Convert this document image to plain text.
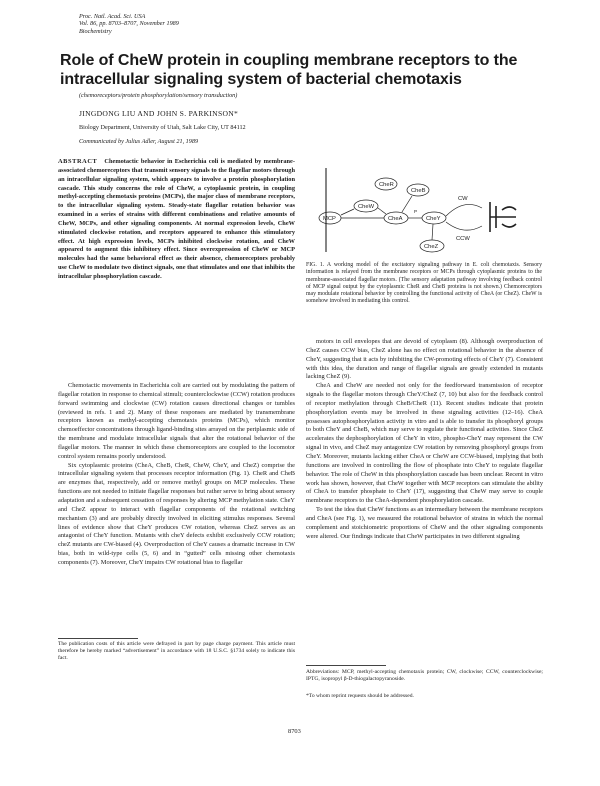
Proc. Natl. Acad. Sci. USA
Vol. 86, pp. 8703–8707, November 1989
Biochemistry
Role of CheW protein in coupling membrane receptors to the intracellular signaling system of bacterial chemotaxis
(chemoreceptors/protein phosphorylation/sensory transduction)
JINGDONG LIU AND JOHN S. PARKINSON*
Biology Department, University of Utah, Salt Lake City, UT 84112
Communicated by Julius Adler, August 21, 1989
ABSTRACT Chemotactic behavior in Escherichia coli is mediated by membrane-associated chemoreceptors that transmit sensory signals to the flagellar motors through an intracellular signaling system, which appears to involve a protein phosphorylation cascade. This study concerns the role of CheW, a cytoplasmic protein, in coupling methyl-accepting chemotaxis proteins (MCPs), the major class of membrane receptors, to the intracellular signaling system. Steady-state flagellar rotation behavior was examined in a series of strains with different combinations and relative amounts of CheW, MCPs, and other signaling components. At normal expression levels, CheW stimulated clockwise rotation, and receptors appeared to enhance this stimulatory effect. At high expression levels, MCPs inhibited clockwise rotation, and CheW appeared to augment this inhibitory effect. Since overexpression of CheW or MCP molecules had the same behavioral effect as their absence, chemoreceptors probably use CheW to modulate two distinct signals, one that stimulates and one that inhibits the intracellular phosphorylation cascade.

Chemotactic movements in Escherichia coli are carried out by modulating the pattern of flagellar rotation in response to chemical stimuli; counterclockwise (CCW) rotation produces forward swimming and clockwise (CW) rotation causes directional changes or tumbles (reviewed in refs. 1 and 2). Many of these responses are mediated by transmembrane receptors known as methyl-accepting chemotaxis proteins (MCPs), which monitor chemoeffector concentrations through ligand-binding sites arrayed on the periplasmic side of the membrane and modulate intracellular signals that alter the rotational behavior of the flagellar motors. The manner in which these chemoreceptors are coupled to the locomotor control system remains poorly understood.

Six cytoplasmic proteins (CheA, CheB, CheR, CheW, CheY, and CheZ) comprise the intracellular signaling system that processes receptor information (Fig. 1). CheR and CheB are enzymes that, respectively, add or remove methyl groups on MCP molecules. These functions are not needed to initiate flagellar responses but rather serve to bring about sensory adaptation and a subsequent cessation of responses by altering MCP methylation state. CheY and CheZ appear to interact with flagellar components of the rotational switching mechanism (3) and are probably directly involved in eliciting stimulus responses. Several lines of evidence show that CheY produces CW rotation, whereas CheZ serves as an antagonist of CheY function. Mutants with cheY defects exhibit exclusively CCW rotation; cheZ mutants are CW-biased (4). Overproduction of CheY causes a dramatic increase in CW bias, both in wild-type cells (5, 6) and in “gutted” cells missing other chemotaxis components (7). Moreover, CheY impairs CW rotational bias to flagellar

The publication costs of this article were defrayed in part by page charge payment. This article must therefore be hereby marked “advertisement” in accordance with 18 U.S.C. §1734 solely to indicate this fact.
MCP
CheW
CheA
CheR
CheB
CheY
CheZ
CW
CCW
P
FIG. 1. A working model of the excitatory signaling pathway in E. coli chemotaxis. Sensory information is relayed from the membrane receptors or MCPs through cytoplasmic proteins to the membrane-associated flagellar motors. (The sensory adaptation pathway involving feedback control of MCP signal output by the cytoplasmic CheR and CheB proteins is not shown.) Chemoreceptors may modulate rotational behavior by controlling the functional activity of CheA (or CheZ). CheW is somehow involved in mediating this control.

motors in cell envelopes that are devoid of cytoplasm (8). Although overproduction of CheZ causes CCW bias, CheZ alone has no effect on rotational behavior in the absence of CheY, suggesting that it acts by inhibiting the CW-promoting effects of CheY (7). Consistent with this idea, the duration and range of flagellar signals are greatly extended in mutants lacking CheZ (9).

CheA and CheW are needed not only for the feedforward transmission of receptor signals to the flagellar motors through CheY/CheZ (7, 10) but also for the feedback control of receptor methylation through CheB/CheR (11). Recent studies indicate that protein phosphorylation events may be involved in these signaling activities (12–16). CheA possesses autophosphorylation activity in vitro and is able to transfer its phosphoryl groups to both CheY and CheB, which may serve to regulate their functional activities. Since CheZ accelerates the dephosphorylation of CheY in vitro, phospho-CheY may represent the CW signal in vivo, and CheZ may antagonize CW rotation by removing phosphoryl groups from CheY. Moreover, mutants lacking either CheA or CheW are CCW-biased, implying that both functions are involved in controlling the flow of phosphate into CheY to regulate flagellar behavior. The role of CheW in this phosphorylation cascade has been unclear. Recent in vitro work has shown, however, that CheW together with MCP receptors can stimulate the ability of CheA to transfer phosphate to CheY (17), suggesting that CheW may serve to couple membrane receptors to the CheA-dependent phosphorylation cascade.

To test the idea that CheW functions as an intermediary between the membrane receptors and CheA (see Fig. 1), we measured the rotational behavior of strains in which the normal complement and stoichiometric proportions of CheW and the other signaling components were altered. Our findings indicate that CheW participates in two different signaling

Abbreviations: MCP, methyl-accepting chemotaxis protein; CW, clockwise; CCW, counterclockwise; IPTG, isopropyl β-D-thiogalactopyranoside.
*To whom reprint requests should be addressed.
8703
